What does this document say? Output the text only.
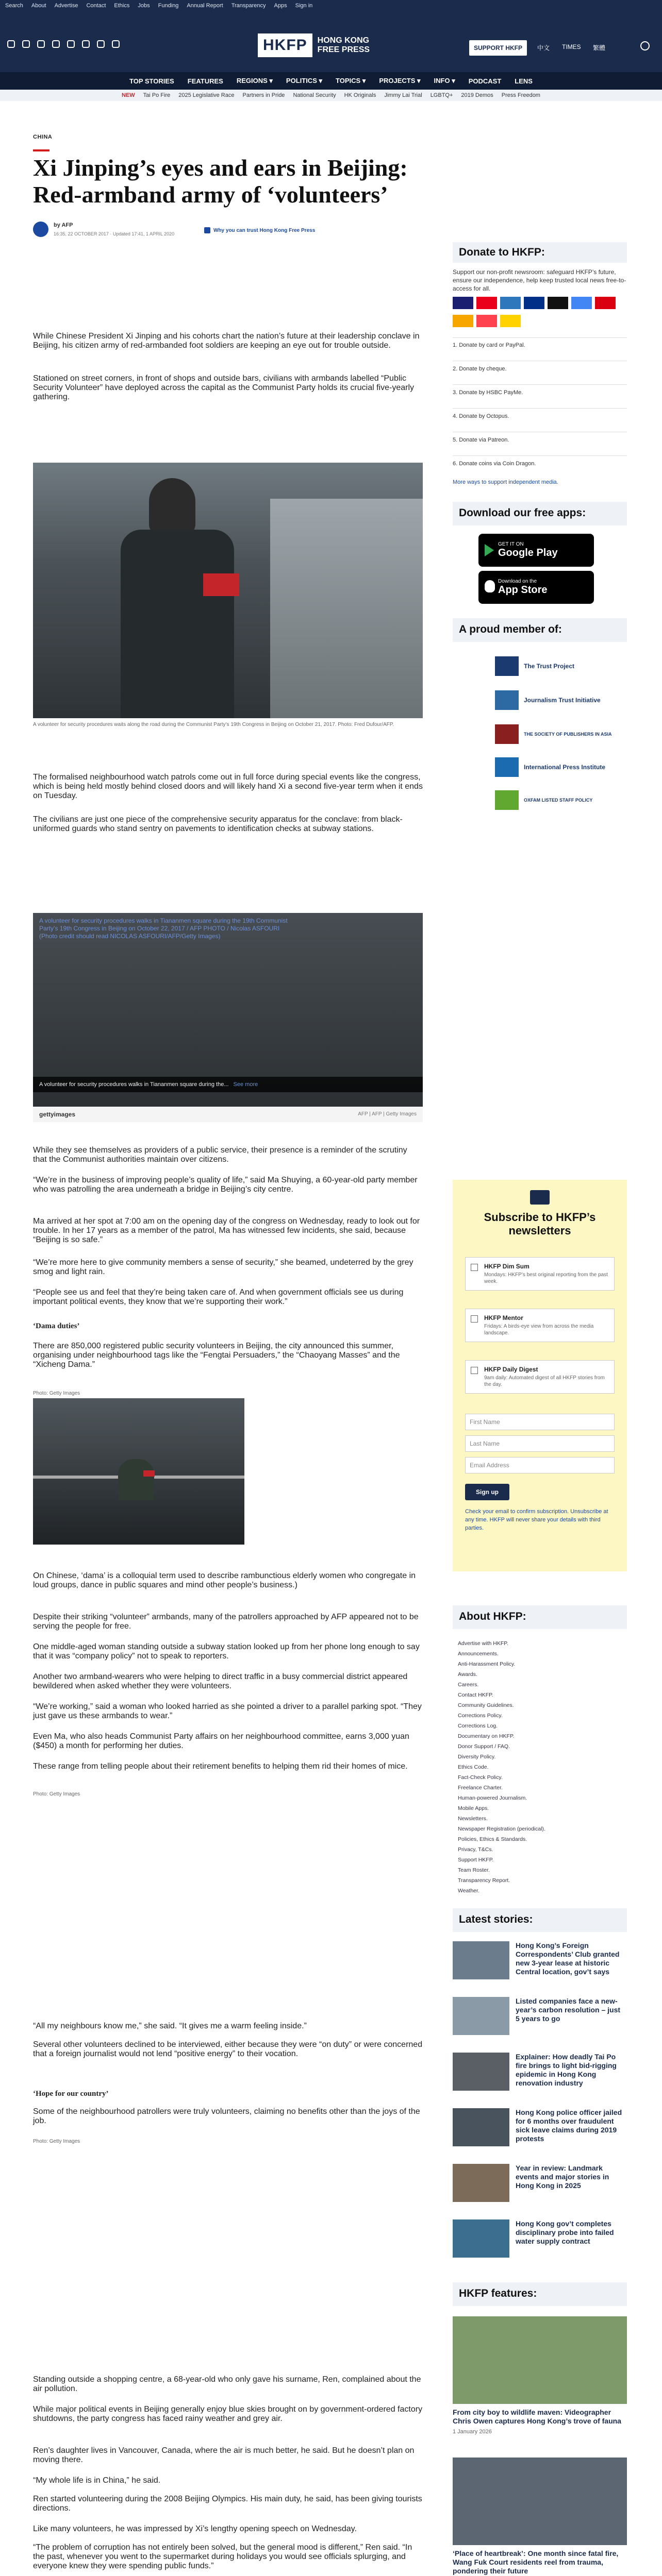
Search About Advertise Contact Ethics Jobs Funding Annual Report Transparency Apps Sign in
HKFP	HONG KONG
FREE PRESS	SUPPORT HKFP	中文 TIMES 繁體
TOP STORIES FEATURES REGIONS ▾ POLITICS ▾ TOPICS ▾ PROJECTS ▾ INFO ▾ PODCAST LENS
NEW Tai Po Fire 2025 Legislative Race Partners in Pride National Security HK Originals Jimmy Lai Trial LGBTQ+ 2019 Demos Press Freedom
CHINA
Xi Jinping’s eyes and ears in Beijing: Red-armband army of ‘volunteers’
by AFP
16:35, 22 OCTOBER 2017 · Updated 17:41, 1 APRIL 2020
Why you can trust Hong Kong Free Press

While Chinese President Xi Jinping and his cohorts chart the nation’s future at their leadership conclave in Beijing, his citizen army of red-armbanded foot soldiers are keeping an eye out for trouble outside.

Stationed on street corners, in front of shops and outside bars, civilians with armbands labelled “Public Security Volunteer” have deployed across the capital as the Communist Party holds its crucial five-yearly gathering.

A volunteer for security procedures waits along the road during the Communist Party’s 19th Congress in Beijing on October 21, 2017. Photo: Fred Dufour/AFP.

The formalised neighbourhood watch patrols come out in full force during special events like the congress, which is being held mostly behind closed doors and will likely hand Xi a second five-year term when it ends on Tuesday.

The civilians are just one piece of the comprehensive security apparatus for the conclave: from black-uniformed guards who stand sentry on pavements to identification checks at subway stations.

A volunteer for security procedures walks in Tiananmen square during the 19th Communist Party’s 19th Congress in Beijing on October 22, 2017 / AFP PHOTO / Nicolas ASFOURI (Photo credit should read NICOLAS ASFOURI/AFP/Getty Images)
A volunteer for security procedures walks in Tiananmen square during the... See more
gettyimages	AFP | AFP | Getty Images

While they see themselves as providers of a public service, their presence is a reminder of the scrutiny that the Communist authorities maintain over citizens.

“We’re in the business of improving people’s quality of life,” said Ma Shuying, a 60-year-old party member who was patrolling the area underneath a bridge in Beijing’s city centre.

Ma arrived at her spot at 7:00 am on the opening day of the congress on Wednesday, ready to look out for trouble. In her 17 years as a member of the patrol, Ma has witnessed few incidents, she said, because “Beijing is so safe.”

“We’re more here to give community members a sense of security,” she beamed, undeterred by the grey smog and light rain.

“People see us and feel that they’re being taken care of. And when government officials see us during important political events, they know that we’re supporting their work.”

‘Dama duties’

There are 850,000 registered public security volunteers in Beijing, the city announced this summer, organising under neighbourhood tags like the “Fengtai Persuaders,” the “Chaoyang Masses” and the “Xicheng Dama.”

Photo: Getty Images

On Chinese, ‘dama’ is a colloquial term used to describe rambunctious elderly women who congregate in loud groups, dance in public squares and mind other people’s business.)

Despite their striking “volunteer” armbands, many of the patrollers approached by AFP appeared not to be serving the people for free.

One middle-aged woman standing outside a subway station looked up from her phone long enough to say that it was “company policy” not to speak to reporters.

Another two armband-wearers who were helping to direct traffic in a busy commercial district appeared bewildered when asked whether they were volunteers.

“We’re working,” said a woman who looked harried as she pointed a driver to a parallel parking spot. “They just gave us these armbands to wear.”

Even Ma, who also heads Communist Party affairs on her neighbourhood committee, earns 3,000 yuan ($450) a month for performing her duties.

These range from telling people about their retirement benefits to helping them rid their homes of mice.

Photo: Getty Images

“All my neighbours know me,” she said. “It gives me a warm feeling inside.”

Several other volunteers declined to be interviewed, either because they were “on duty” or were concerned that a foreign journalist would not lend “positive energy” to their vocation.

‘Hope for our country’

Some of the neighbourhood patrollers were truly volunteers, claiming no benefits other than the joys of the job.

Photo: Getty Images

Standing outside a shopping centre, a 68-year-old who only gave his surname, Ren, complained about the air pollution.

While major political events in Beijing generally enjoy blue skies brought on by government-ordered factory shutdowns, the party congress has faced rainy weather and grey air.

Ren’s daughter lives in Vancouver, Canada, where the air is much better, he said. But he doesn’t plan on moving there.

“My whole life is in China,” he said.

Ren started volunteering during the 2008 Beijing Olympics. His main duty, he said, has been giving tourists directions.

Like many volunteers, he was impressed by Xi’s lengthy opening speech on Wednesday.

“The problem of corruption has not entirely been solved, but the general mood is different,” Ren said. “In the past, whenever you went to the supermarket during holidays you would see officials splurging, and everyone knew they were spending public funds.”

Donate to HKFP:
Support our non-profit newsroom: safeguard HKFP’s future, ensure our independence, help keep trusted local news free-to-access for all.
1. Donate by card or PayPal.
2. Donate by cheque.
3. Donate by HSBC PayMe.
4. Donate by Octopus.
5. Donate via Patreon.
6. Donate coins via Coin Dragon.
More ways to support independent media.
Download our free apps:
GET IT ON
Google Play
Download on the
App Store
A proud member of:
The Trust Project
Journalism Trust Initiative
THE SOCIETY OF PUBLISHERS IN ASIA
International Press Institute
OXFAM LISTED STAFF POLICY
Subscribe to HKFP’s newsletters
HKFP Dim Sum
Mondays: HKFP’s best original reporting from the past week.
HKFP Mentor
Fridays: A birds-eye view from across the media landscape.
HKFP Daily Digest
9am daily: Automated digest of all HKFP stories from the day.
First Name
Last Name
Email Address
Sign up
Check your email to confirm subscription. Unsubscribe at any time. HKFP will never share your details with third parties.
About HKFP:
Advertise with HKFP.
Announcements.
Anti-Harassment Policy.
Awards.
Careers.
Contact HKFP.
Community Guidelines.
Corrections Policy.
Corrections Log.
Documentary on HKFP.
Donor Support / FAQ.
Diversity Policy.
Ethics Code.
Fact-Check Policy.
Freelance Charter.
Human-powered Journalism.
Mobile Apps.
Newsletters.
Newspaper Registration (periodical).
Policies, Ethics & Standards.
Privacy, T&Cs.
Support HKFP.
Team Roster.
Transparency Report.
Weather.
Latest stories:
Hong Kong’s Foreign Correspondents’ Club granted new 3-year lease at historic Central location, gov’t says
Listed companies face a new-year’s carbon resolution – just 5 years to go
Explainer: How deadly Tai Po fire brings to light bid-rigging epidemic in Hong Kong renovation industry
Hong Kong police officer jailed for 6 months over fraudulent sick leave claims during 2019 protests
Year in review: Landmark events and major stories in Hong Kong in 2025
Hong Kong gov’t completes disciplinary probe into failed water supply contract
HKFP features:
From city boy to wildlife maven: Videographer Chris Owen captures Hong Kong’s trove of fauna
1 January 2026
‘Place of heartbreak’: One month since fatal fire, Wang Fuk Court residents reel from trauma, pondering their future
